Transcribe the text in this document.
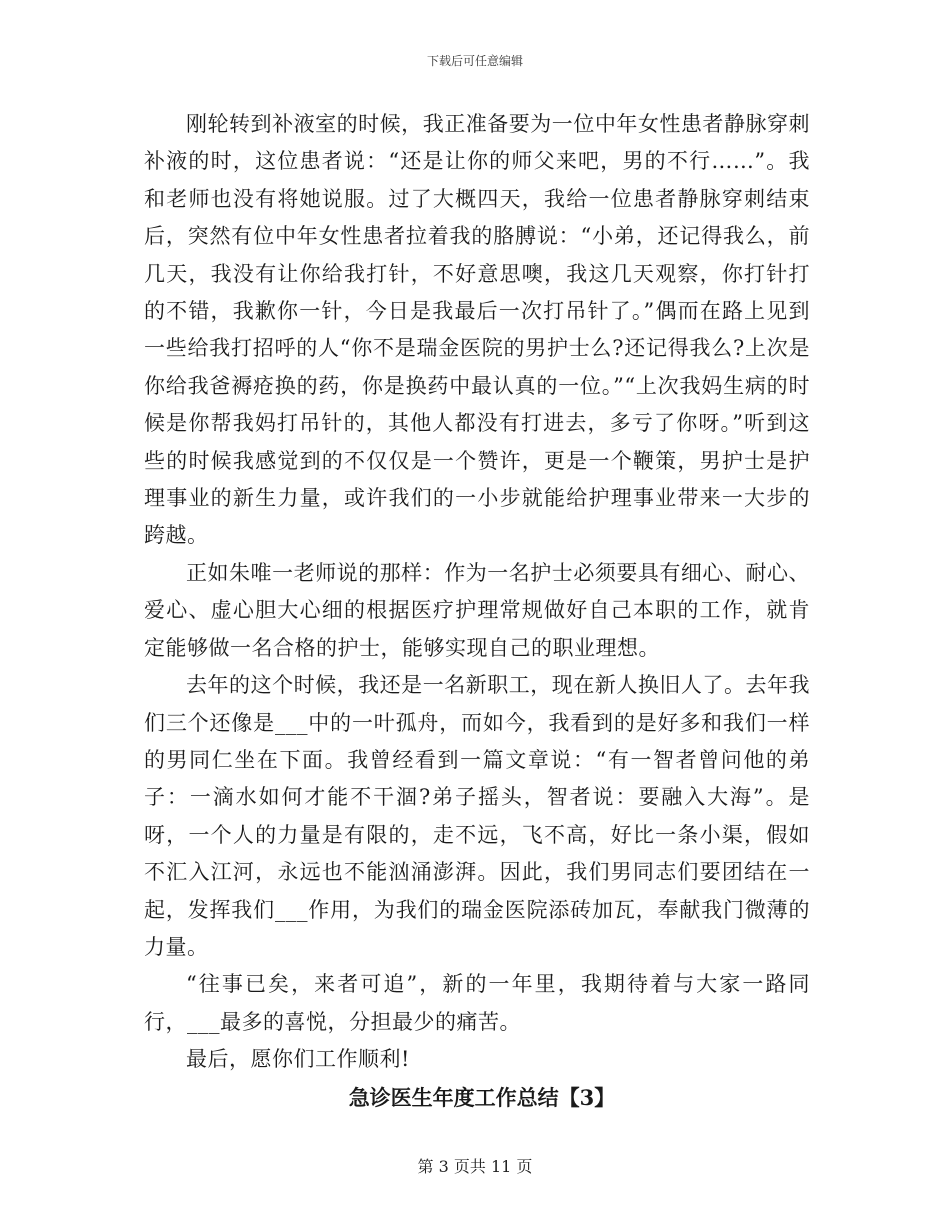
下载后可任意编辑

刚轮转到补液室的时候，我正准备要为一位中年女性患者静脉穿刺补液的时，这位患者说：“还是让你的师父来吧，男的不行……”。我和老师也没有将她说服。过了大概四天，我给一位患者静脉穿刺结束后，突然有位中年女性患者拉着我的胳膊说：“小弟，还记得我么，前几天，我没有让你给我打针，不好意思噢，我这几天观察，你打针打的不错，我歉你一针，今日是我最后一次打吊针了。”偶而在路上见到一些给我打招呼的人“你不是瑞金医院的男护士么?还记得我么?上次是你给我爸褥疮换的药，你是换药中最认真的一位。”“上次我妈生病的时候是你帮我妈打吊针的，其他人都没有打进去，多亏了你呀。”听到这些的时候我感觉到的不仅仅是一个赞许，更是一个鞭策，男护士是护理事业的新生力量，或许我们的一小步就能给护理事业带来一大步的跨越。

正如朱唯一老师说的那样：作为一名护士必须要具有细心、耐心、爱心、虚心胆大心细的根据医疗护理常规做好自己本职的工作，就肯定能够做一名合格的护士，能够实现自己的职业理想。

去年的这个时候，我还是一名新职工，现在新人换旧人了。去年我们三个还像是___中的一叶孤舟，而如今，我看到的是好多和我们一样的男同仁坐在下面。我曾经看到一篇文章说：“有一智者曾问他的弟子：一滴水如何才能不干涸?弟子摇头，智者说：要融入大海”。是呀，一个人的力量是有限的，走不远，飞不高，好比一条小渠，假如不汇入江河，永远也不能汹涌澎湃。因此，我们男同志们要团结在一起，发挥我们___作用，为我们的瑞金医院添砖加瓦，奉献我门微薄的力量。

“往事已矣，来者可追”，新的一年里，我期待着与大家一路同行，___最多的喜悦，分担最少的痛苦。

最后，愿你们工作顺利!

急诊医生年度工作总结【3】
第 3 页共 11 页
